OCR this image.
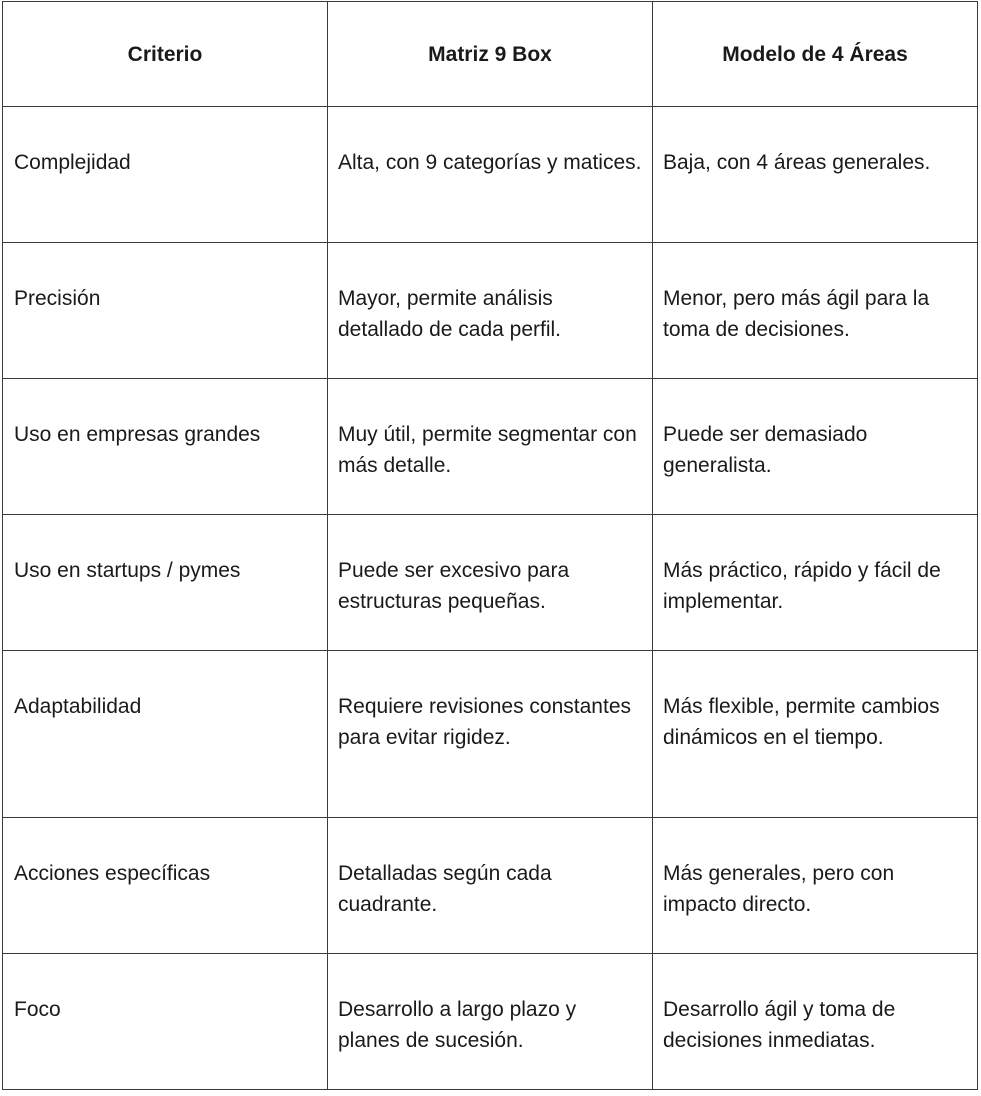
Criterio	Matriz 9 Box	Modelo de 4 Áreas

Complejidad	Alta, con 9 categorías y matices.	Baja, con 4 áreas generales.

Precisión	Mayor, permite análisis detallado de cada perfil.	Menor, pero más ágil para la toma de decisiones.

Uso en empresas grandes	Muy útil, permite segmentar con más detalle.	Puede ser demasiado generalista.

Uso en startups / pymes	Puede ser excesivo para estructuras pequeñas.	Más práctico, rápido y fácil de implementar.

Adaptabilidad	Requiere revisiones constantes para evitar rigidez.	Más flexible, permite cambios dinámicos en el tiempo.

Acciones específicas	Detalladas según cada cuadrante.	Más generales, pero con impacto directo.

Foco	Desarrollo a largo plazo y planes de sucesión.	Desarrollo ágil y toma de decisiones inmediatas.
